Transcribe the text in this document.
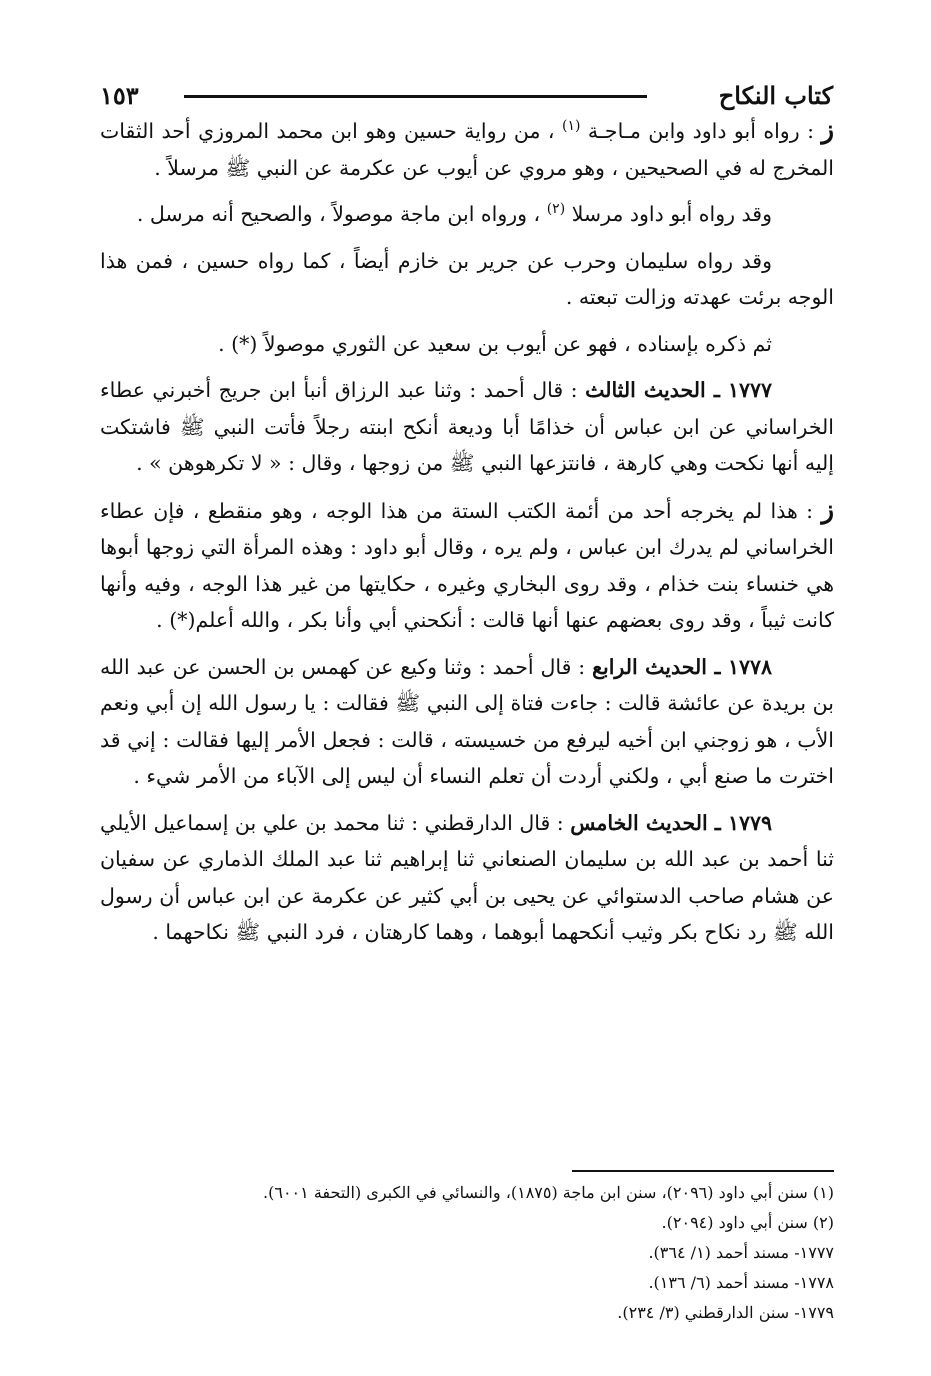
كتاب النكاح
١٥٣

ز : رواه أبو داود وابن مـاجـة $^{(١)}$ ، من رواية حسين وهو ابن محمد المروزي أحد الثقات المخرج له في الصحيحين ، وهو مروي عن أيوب عن عكرمة عن النبي ﷺ مرسلاً .

وقد رواه أبو داود مرسلا $^{(٢)}$ ، ورواه ابن ماجة موصولاً ، والصحيح أنه مرسل .

وقد رواه سليمان وحرب عن جرير بن خازم أيضاً ، كما رواه حسين ، فمن هذا الوجه برئت عهدته وزالت تبعته .

ثم ذكره بإسناده ، فهو عن أيوب بن سعيد عن الثوري موصولاً (*) .

١٧٧٧ ـ الحديث الثالث : قال أحمد : وثنا عبد الرزاق أنبأ ابن جريج أخبرني عطاء الخراساني عن ابن عباس أن خذامًا أبا وديعة أنكح ابنته رجلاً فأتت النبي ﷺ فاشتكت إليه أنها نكحت وهي كارهة ، فانتزعها النبي ﷺ من زوجها ، وقال : « لا تكرهوهن » .

ز : هذا لم يخرجه أحد من أئمة الكتب الستة من هذا الوجه ، وهو منقطع ، فإن عطاء الخراساني لم يدرك ابن عباس ، ولم يره ، وقال أبو داود : وهذه المرأة التي زوجها أبوها هي خنساء بنت خذام ، وقد روى البخاري وغيره ، حكايتها من غير هذا الوجه ، وفيه وأنها كانت ثيباً ، وقد روى بعضهم عنها أنها قالت : أنكحني أبي وأنا بكر ، والله أعلم(*) .

١٧٧٨ ـ الحديث الرابع : قال أحمد : وثنا وكيع عن كهمس بن الحسن عن عبد الله بن بريدة عن عائشة قالت : جاءت فتاة إلى النبي ﷺ فقالت : يا رسول الله إن أبي ونعم الأب ، هو زوجني ابن أخيه ليرفع من خسيسته ، قالت : فجعل الأمر إليها فقالت : إني قد اخترت ما صنع أبي ، ولكني أردت أن تعلم النساء أن ليس إلى الآباء من الأمر شيء .

١٧٧٩ ـ الحديث الخامس : قال الدارقطني : ثنا محمد بن علي بن إسماعيل الأيلي ثنا أحمد بن عبد الله بن سليمان الصنعاني ثنا إبراهيم ثنا عبد الملك الذماري عن سفيان عن هشام صاحب الدستوائي عن يحيى بن أبي كثير عن عكرمة عن ابن عباس أن رسول الله ﷺ رد نكاح بكر وثيب أنكحهما أبوهما ، وهما كارهتان ، فرد النبي ﷺ نكاحهما .

(١) سنن أبي داود (٢٠٩٦)، سنن ابن ماجة (١٨٧٥)، والنسائي في الكبرى (التحفة ٦٠٠١).

(٢) سنن أبي داود (٢٠٩٤).

١٧٧٧- مسند أحمد (١/ ٣٦٤).

١٧٧٨- مسند أحمد (٦/ ١٣٦).

١٧٧٩- سنن الدارقطني (٣/ ٢٣٤).
